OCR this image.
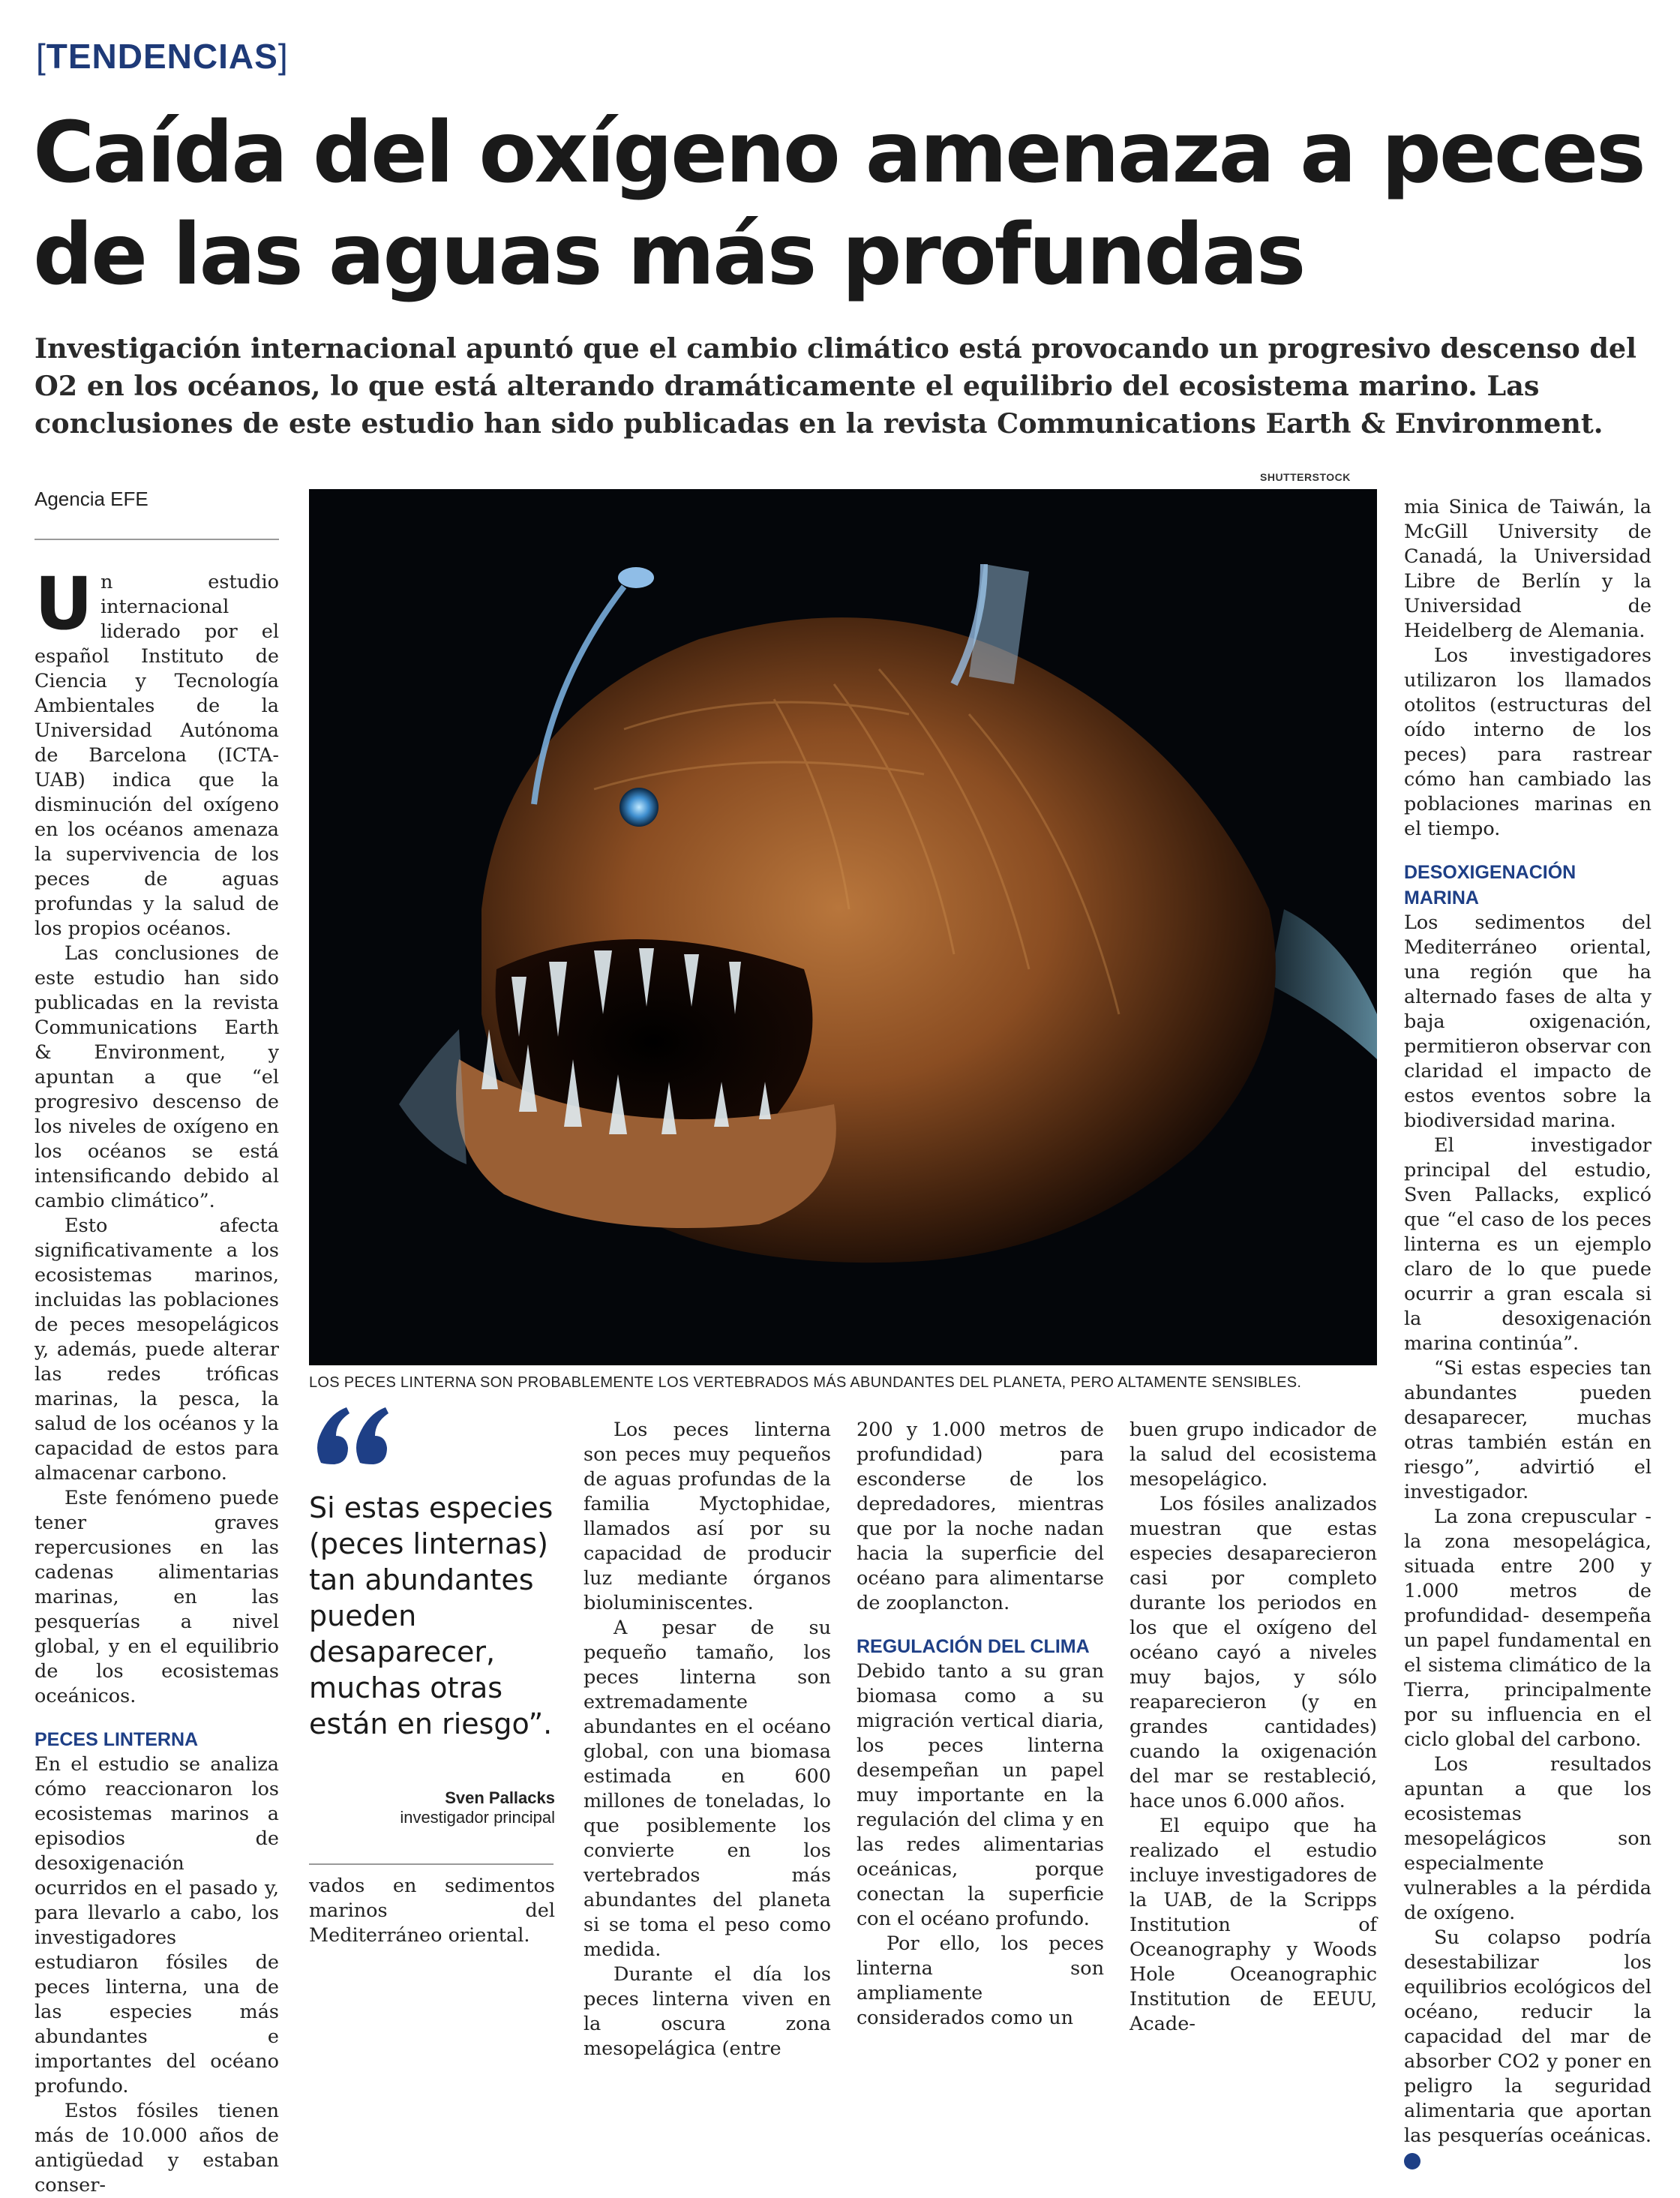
[TENDENCIAS]
Caída del oxígeno amenaza a peces de las aguas más profundas
Investigación internacional apuntó que el cambio climático está provocando un progresivo descenso del O2 en los océanos, lo que está alterando dramáticamente el equilibrio del ecosistema marino. Las conclusiones de este estudio han sido publicadas en la revista Communications Earth & Environment.
Agencia EFE

Un estudio internacional liderado por el español Instituto de Ciencia y Tecnología Ambientales de la Universidad Autónoma de Barcelona (ICTA-UAB) indica que la disminución del oxígeno en los océanos amenaza la supervivencia de los peces de aguas profundas y la salud de los propios océanos.

Las conclusiones de este estudio han sido publicadas en la revista Communications Earth & Environment, y apuntan a que “el progresivo descenso de los niveles de oxígeno en los océanos se está intensificando debido al cambio climático”.

Esto afecta significativamente a los ecosistemas marinos, incluidas las poblaciones de peces mesopelágicos y, además, puede alterar las redes tróficas marinas, la pesca, la salud de los océanos y la capacidad de estos para almacenar carbono.

Este fenómeno puede tener graves repercusiones en las cadenas alimentarias marinas, en las pesquerías a nivel global, y en el equilibrio de los ecosistemas oceánicos.

PECES LINTERNA

En el estudio se analiza cómo reaccionaron los ecosistemas marinos a episodios de desoxigenación ocurridos en el pasado y, para llevarlo a cabo, los investigadores estudiaron fósiles de peces linterna, una de las especies más abundantes e importantes del océano profundo.

Estos fósiles tienen más de 10.000 años de antigüedad y estaban conser-

SHUTTERSTOCK
LOS PECES LINTERNA SON PROBABLEMENTE LOS VERTEBRADOS MÁS ABUNDANTES DEL PLANETA, PERO ALTAMENTE SENSIBLES.
Si estas especies (peces linternas) tan abundantes pueden desaparecer, muchas otras están en riesgo”.
Sven Pallacks
investigador principal

vados en sedimentos marinos del Mediterráneo oriental.

Los peces linterna son peces muy pequeños de aguas profundas de la familia Myctophidae, llamados así por su capacidad de producir luz mediante órganos bioluminiscentes.

A pesar de su pequeño tamaño, los peces linterna son extremadamente abundantes en el océano global, con una biomasa estimada en 600 millones de toneladas, lo que posiblemente los convierte en los vertebrados más abundantes del planeta si se toma el peso como medida.

Durante el día los peces linterna viven en la oscura zona mesopelágica (entre

200 y 1.000 metros de profundidad) para esconderse de los depredadores, mientras que por la noche nadan hacia la superficie del océano para alimentarse de zooplancton.

REGULACIÓN DEL CLIMA

Debido tanto a su gran biomasa como a su migración vertical diaria, los peces linterna desempeñan un papel muy importante en la regulación del clima y en las redes alimentarias oceánicas, porque conectan la superficie con el océano profundo.

Por ello, los peces linterna son ampliamente considerados como un

buen grupo indicador de la salud del ecosistema mesopelágico.

Los fósiles analizados muestran que estas especies desaparecieron casi por completo durante los periodos en los que el oxígeno del océano cayó a niveles muy bajos, y sólo reaparecieron (y en grandes cantidades) cuando la oxigenación del mar se restableció, hace unos 6.000 años.

El equipo que ha realizado el estudio incluye investigadores de la UAB, de la Scripps Institution of Oceanography y Woods Hole Oceanographic Institution de EEUU, Acade-

mia Sinica de Taiwán, la McGill University de Canadá, la Universidad Libre de Berlín y la Universidad de Heidelberg de Alemania.

Los investigadores utilizaron los llamados otolitos (estructuras del oído interno de los peces) para rastrear cómo han cambiado las poblaciones marinas en el tiempo.

DESOXIGENACIÓN MARINA

Los sedimentos del Mediterráneo oriental, una región que ha alternado fases de alta y baja oxigenación, permitieron observar con claridad el impacto de estos eventos sobre la biodiversidad marina.

El investigador principal del estudio, Sven Pallacks, explicó que “el caso de los peces linterna es un ejemplo claro de lo que puede ocurrir a gran escala si la desoxigenación marina continúa”.

“Si estas especies tan abundantes pueden desaparecer, muchas otras también están en riesgo”, advirtió el investigador.

La zona crepuscular -la zona mesopelágica, situada entre 200 y 1.000 metros de profundidad- desempeña un papel fundamental en el sistema climático de la Tierra, principalmente por su influencia en el ciclo global del carbono.

Los resultados apuntan a que los ecosistemas mesopelágicos son especialmente vulnerables a la pérdida de oxígeno.

Su colapso podría desestabilizar los equilibrios ecológicos del océano, reducir la capacidad del mar de absorber CO2 y poner en peligro la seguridad alimentaria que aportan las pesquerías oceánicas. ✪
